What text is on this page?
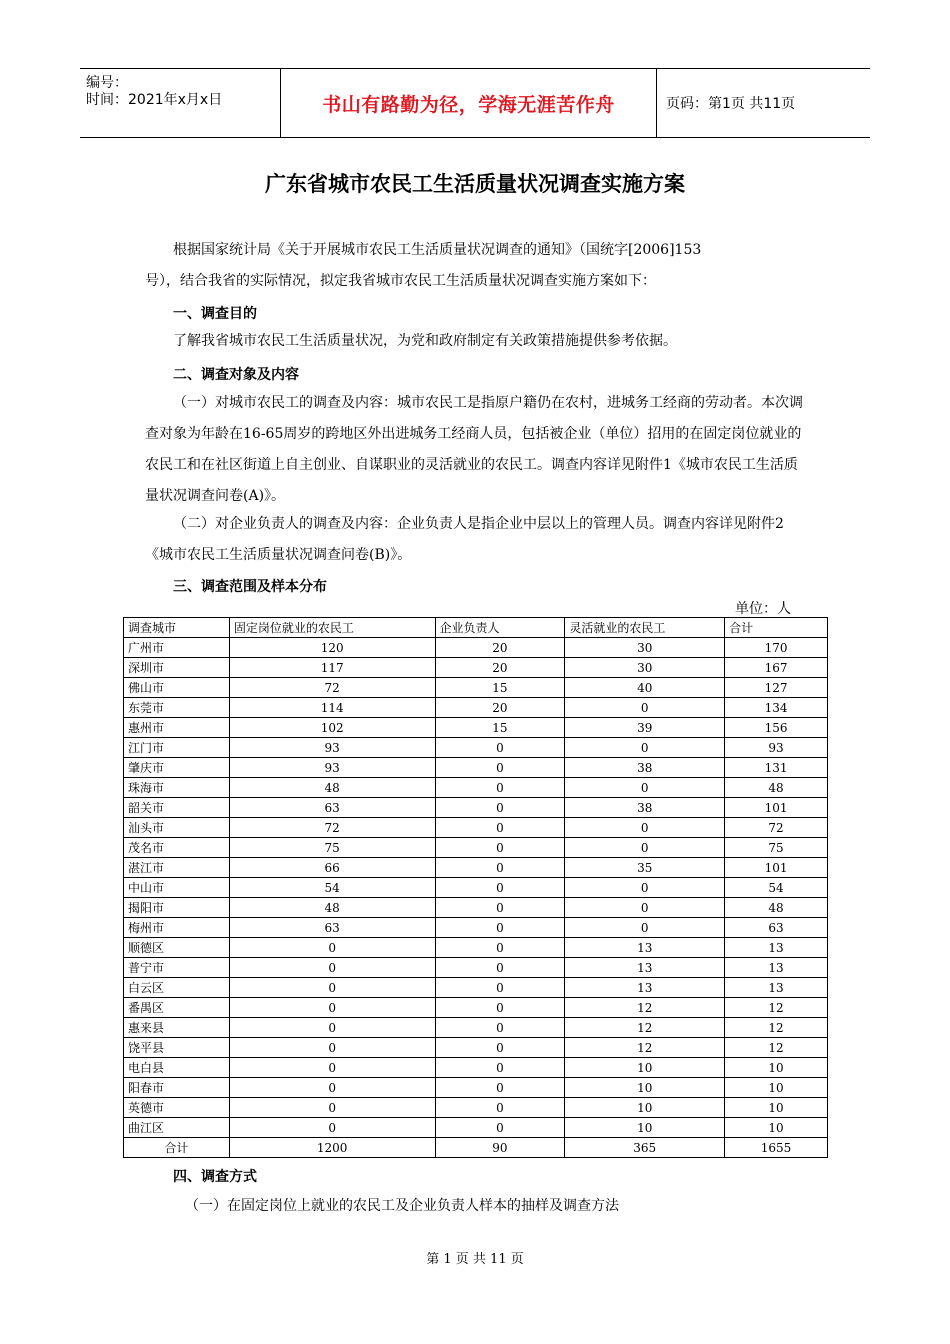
编号：
时间：2021年x月x日	书山有路勤为径，学海无涯苦作舟	页码：第1页 共11页
广东省城市农民工生活质量状况调查实施方案

根据国家统计局《关于开展城市农民工生活质量状况调查的通知》（国统字[2006]153

号），结合我省的实际情况，拟定我省城市农民工生活质量状况调查实施方案如下：

一、调查目的

了解我省城市农民工生活质量状况，为党和政府制定有关政策措施提供参考依据。

二、调查对象及内容

（一）对城市农民工的调查及内容：城市农民工是指原户籍仍在农村，进城务工经商的劳动者。本次调查对象为年龄在16-65周岁的跨地区外出进城务工经商人员，包括被企业（单位）招用的在固定岗位就业的农民工和在社区街道上自主创业、自谋职业的灵活就业的农民工。调查内容详见附件1《城市农民工生活质量状况调查问卷(A)》。

（二）对企业负责人的调查及内容：企业负责人是指企业中层以上的管理人员。调查内容详见附件2《城市农民工生活质量状况调查问卷(B)》。

三、调查范围及样本分布
单位：人
调查城市	固定岗位就业的农民工	企业负责人	灵活就业的农民工	合计
广州市	120	20	30	170
深圳市	117	20	30	167
佛山市	72	15	40	127
东莞市	114	20	0	134
惠州市	102	15	39	156
江门市	93	0	0	93
肇庆市	93	0	38	131
珠海市	48	0	0	48
韶关市	63	0	38	101
汕头市	72	0	0	72
茂名市	75	0	0	75
湛江市	66	0	35	101
中山市	54	0	0	54
揭阳市	48	0	0	48
梅州市	63	0	0	63
顺德区	0	0	13	13
普宁市	0	0	13	13
白云区	0	0	13	13
番禺区	0	0	12	12
惠来县	0	0	12	12
饶平县	0	0	12	12
电白县	0	0	10	10
阳春市	0	0	10	10
英德市	0	0	10	10
曲江区	0	0	10	10
合计	1200	90	365	1655
四、调查方式

（一）在固定岗位上就业的农民工及企业负责人样本的抽样及调查方法

第 1 页 共 11 页
